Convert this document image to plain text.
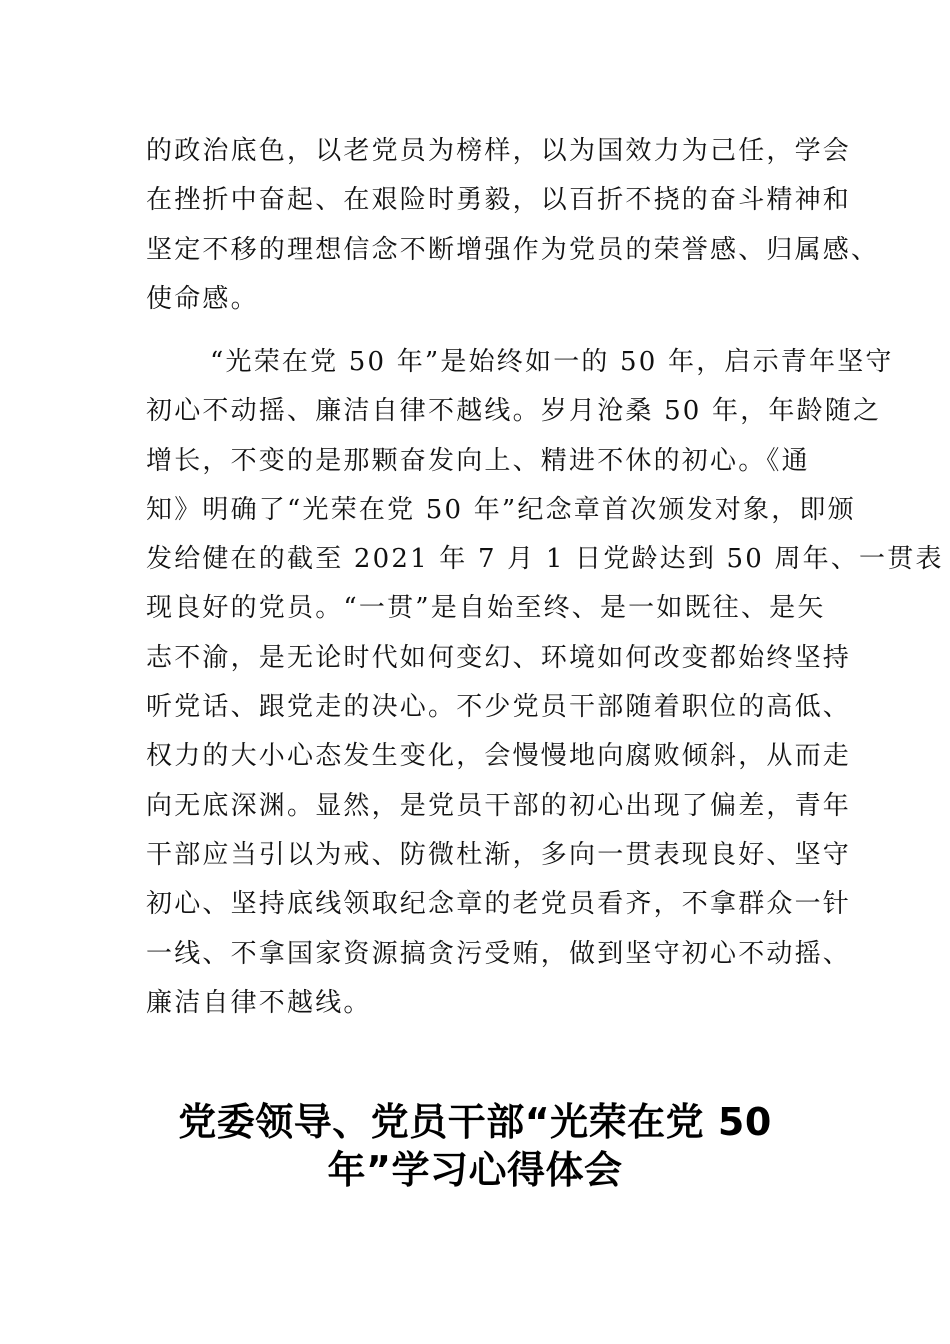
的政治底色，以老党员为榜样，以为国效力为己任，学会
在挫折中奋起、在艰险时勇毅，以百折不挠的奋斗精神和
坚定不移的理想信念不断增强作为党员的荣誉感、归属感、
使命感。

“光荣在党 50 年”是始终如一的 50 年，启示青年坚守
初心不动摇、廉洁自律不越线。岁月沧桑 50 年，年龄随之
增长，不变的是那颗奋发向上、精进不休的初心。《通
知》明确了“光荣在党 50 年”纪念章首次颁发对象，即颁
发给健在的截至 2021 年 7 月 1 日党龄达到 50 周年、一贯表
现良好的党员。“一贯”是自始至终、是一如既往、是矢
志不渝，是无论时代如何变幻、环境如何改变都始终坚持
听党话、跟党走的决心。不少党员干部随着职位的高低、
权力的大小心态发生变化，会慢慢地向腐败倾斜，从而走
向无底深渊。显然，是党员干部的初心出现了偏差，青年
干部应当引以为戒、防微杜渐，多向一贯表现良好、坚守
初心、坚持底线领取纪念章的老党员看齐，不拿群众一针
一线、不拿国家资源搞贪污受贿，做到坚守初心不动摇、
廉洁自律不越线。

党委领导、党员干部“光荣在党 50
年”学习心得体会
